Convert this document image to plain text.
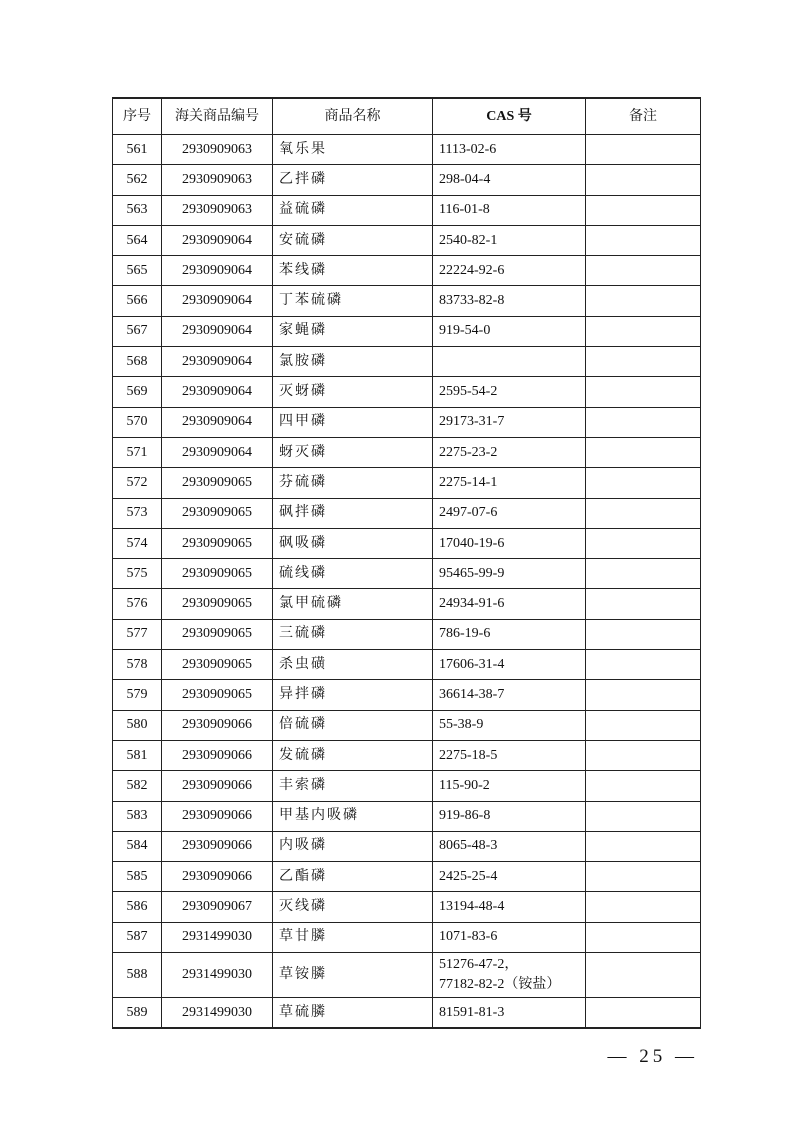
序号	海关商品编号	商品名称	CAS 号	备注
561	2930909063	氧乐果	1113-02-6	

562	2930909063	乙拌磷	298-04-4	

563	2930909063	益硫磷	116-01-8	

564	2930909064	安硫磷	2540-82-1	

565	2930909064	苯线磷	22224-92-6	

566	2930909064	丁苯硫磷	83733-82-8	

567	2930909064	家蝇磷	919-54-0	

568	2930909064	氯胺磷	

569	2930909064	灭蚜磷	2595-54-2	

570	2930909064	四甲磷	29173-31-7	

571	2930909064	蚜灭磷	2275-23-2	

572	2930909065	芬硫磷	2275-14-1	

573	2930909065	砜拌磷	2497-07-6	

574	2930909065	砜吸磷	17040-19-6	

575	2930909065	硫线磷	95465-99-9	

576	2930909065	氯甲硫磷	24934-91-6	

577	2930909065	三硫磷	786-19-6	

578	2930909065	杀虫磺	17606-31-4	

579	2930909065	异拌磷	36614-38-7	

580	2930909066	倍硫磷	55-38-9	

581	2930909066	发硫磷	2275-18-5	

582	2930909066	丰索磷	115-90-2	

583	2930909066	甲基内吸磷	919-86-8	

584	2930909066	内吸磷	8065-48-3	

585	2930909066	乙酯磷	2425-25-4	

586	2930909067	灭线磷	13194-48-4	

587	2931499030	草甘膦	1071-83-6	

588	2931499030	草铵膦	51276-47-2，
77182-82-2（铵盐）	

589	2931499030	草硫膦	81591-81-3	

— 25 —
